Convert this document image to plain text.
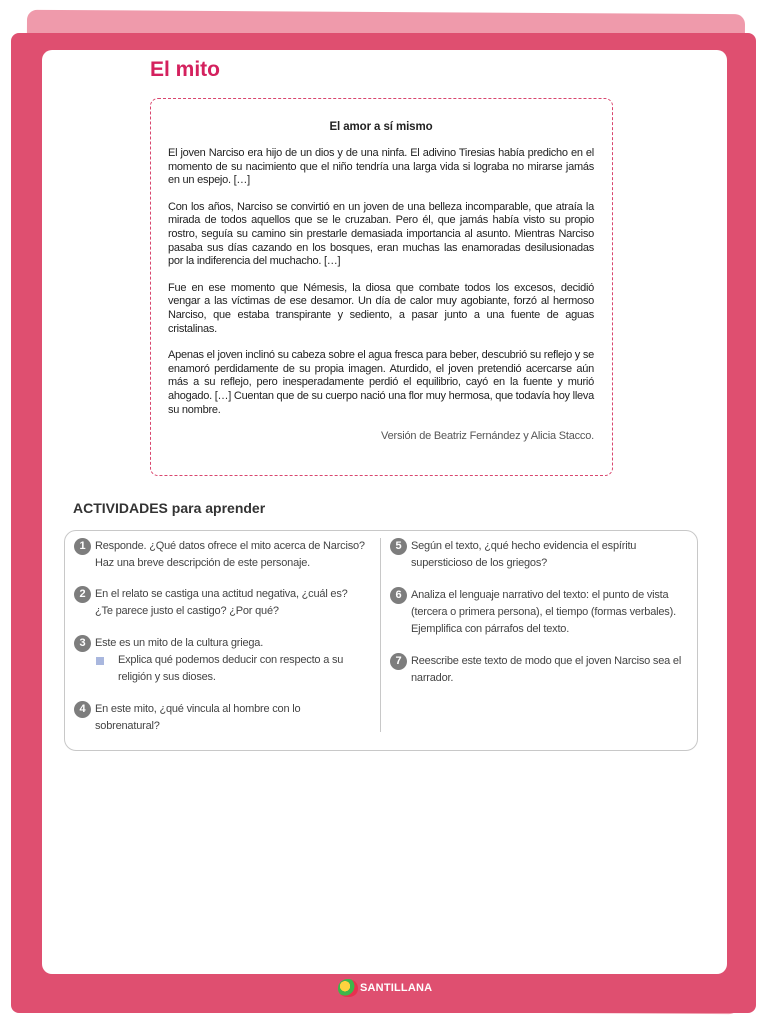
El mito
El amor a sí mismo

El joven Narciso era hijo de un dios y de una ninfa. El adivino Tiresias había predicho en el momento de su nacimiento que el niño tendría una larga vida si lograba no mirarse jamás en un espejo. […]

Con los años, Narciso se convirtió en un joven de una belleza incomparable, que atraía la mirada de todos aquellos que se le cruzaban. Pero él, que jamás había visto su propio rostro, seguía su camino sin prestarle demasiada importancia al asunto. Mientras Narciso pasaba sus días cazando en los bosques, eran muchas las enamoradas desilusionadas por la indiferencia del muchacho. […]

Fue en ese momento que Némesis, la diosa que combate todos los excesos, decidió vengar a las víctimas de ese desamor. Un día de calor muy agobiante, forzó al hermoso Narciso, que estaba transpirante y sediento, a pasar junto a una fuente de aguas cristalinas.

Apenas el joven inclinó su cabeza sobre el agua fresca para beber, descubrió su reflejo y se enamoró perdidamente de su propia imagen. Aturdido, el joven pretendió acercarse aún más a su reflejo, pero inesperadamente perdió el equilibrio, cayó en la fuente y murió ahogado. […] Cuentan que de su cuerpo nació una flor muy hermosa, que todavía hoy lleva su nombre.

Versión de Beatriz Fernández y Alicia Stacco.
ACTIVIDADES para aprender
1 Responde. ¿Qué datos ofrece el mito acerca de Narciso? Haz una breve descripción de este personaje.
2 En el relato se castiga una actitud negativa, ¿cuál es? ¿Te parece justo el castigo? ¿Por qué?
3 Este es un mito de la cultura griega.
Explica qué podemos deducir con respecto a su religión y sus dioses.
4 En este mito, ¿qué vincula al hombre con lo sobrenatural?
5 Según el texto, ¿qué hecho evidencia el espíritu supersticioso de los griegos?
6 Analiza el lenguaje narrativo del texto: el punto de vista (tercera o primera persona), el tiempo (formas verbales). Ejemplifica con párrafos del texto.
7 Reescribe este texto de modo que el joven Narciso sea el narrador.
SANTILLANA
